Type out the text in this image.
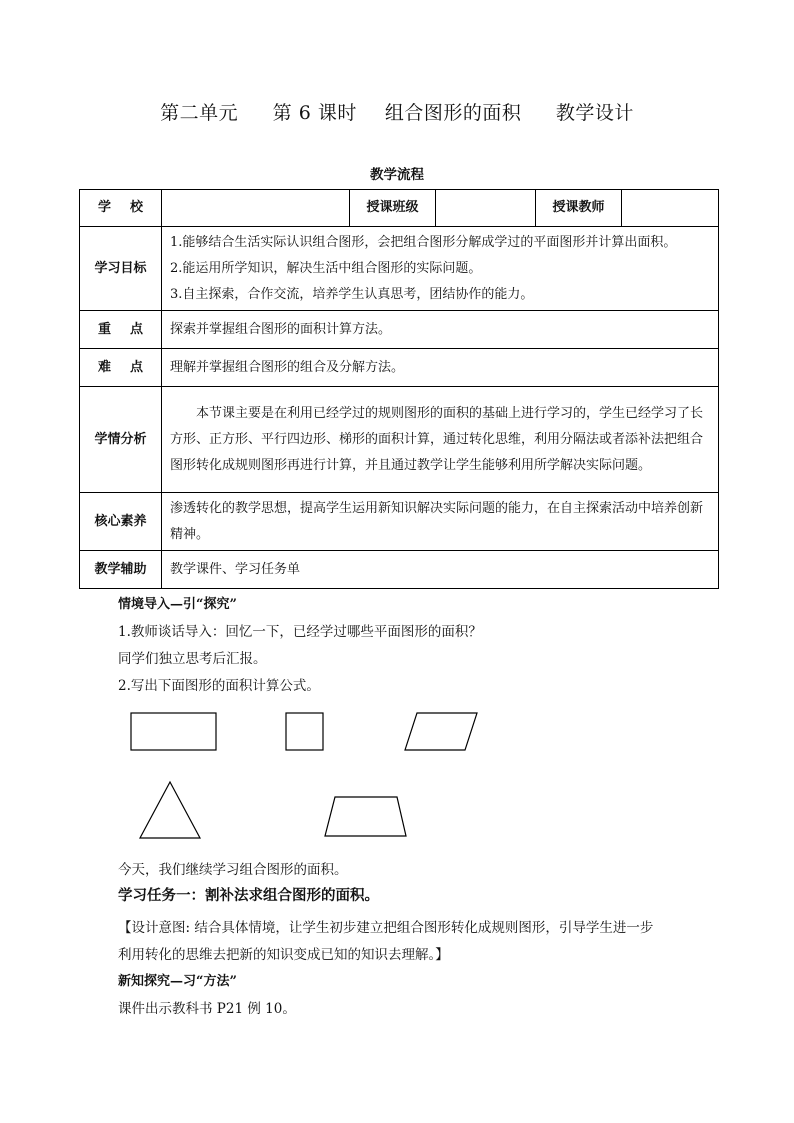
第二单元 第 6 课时 组合图形的面积 教学设计
教学流程
学 校		授课班级		授课教师	
学习目标	1.能够结合生活实际认识组合图形，会把组合图形分解成学过的平面图形并计算出面积。
2.能运用所学知识，解决生活中组合图形的实际问题。
3.自主探索，合作交流，培养学生认真思考，团结协作的能力。				

重 点	探索并掌握组合图形的面积计算方法。				

难 点	理解并掌握组合图形的组合及分解方法。				
学情分析	本节课主要是在利用已经学过的规则图形的面积的基础上进行学习的，学生已经学习了长方形、正方形、平行四边形、梯形的面积计算，通过转化思维，利用分隔法或者添补法把组合图形转化成规则图形再进行计算，并且通过教学让学生能够利用所学解决实际问题。				
核心素养	渗透转化的教学思想，提高学生运用新知识解决实际问题的能力，在自主探索活动中培养创新精神。				
教学辅助	教学课件、学习任务单				
情境导入—引“探究”
1.教师谈话导入：回忆一下，已经学过哪些平面图形的面积？
同学们独立思考后汇报。
2.写出下面图形的面积计算公式。
今天，我们继续学习组合图形的面积。
学习任务一：割补法求组合图形的面积。
【设计意图: 结合具体情境，让学生初步建立把组合图形转化成规则图形，引导学生进一步
利用转化的思维去把新的知识变成已知的知识去理解。】
新知探究—习“方法”
课件出示教科书 P21 例 10。
